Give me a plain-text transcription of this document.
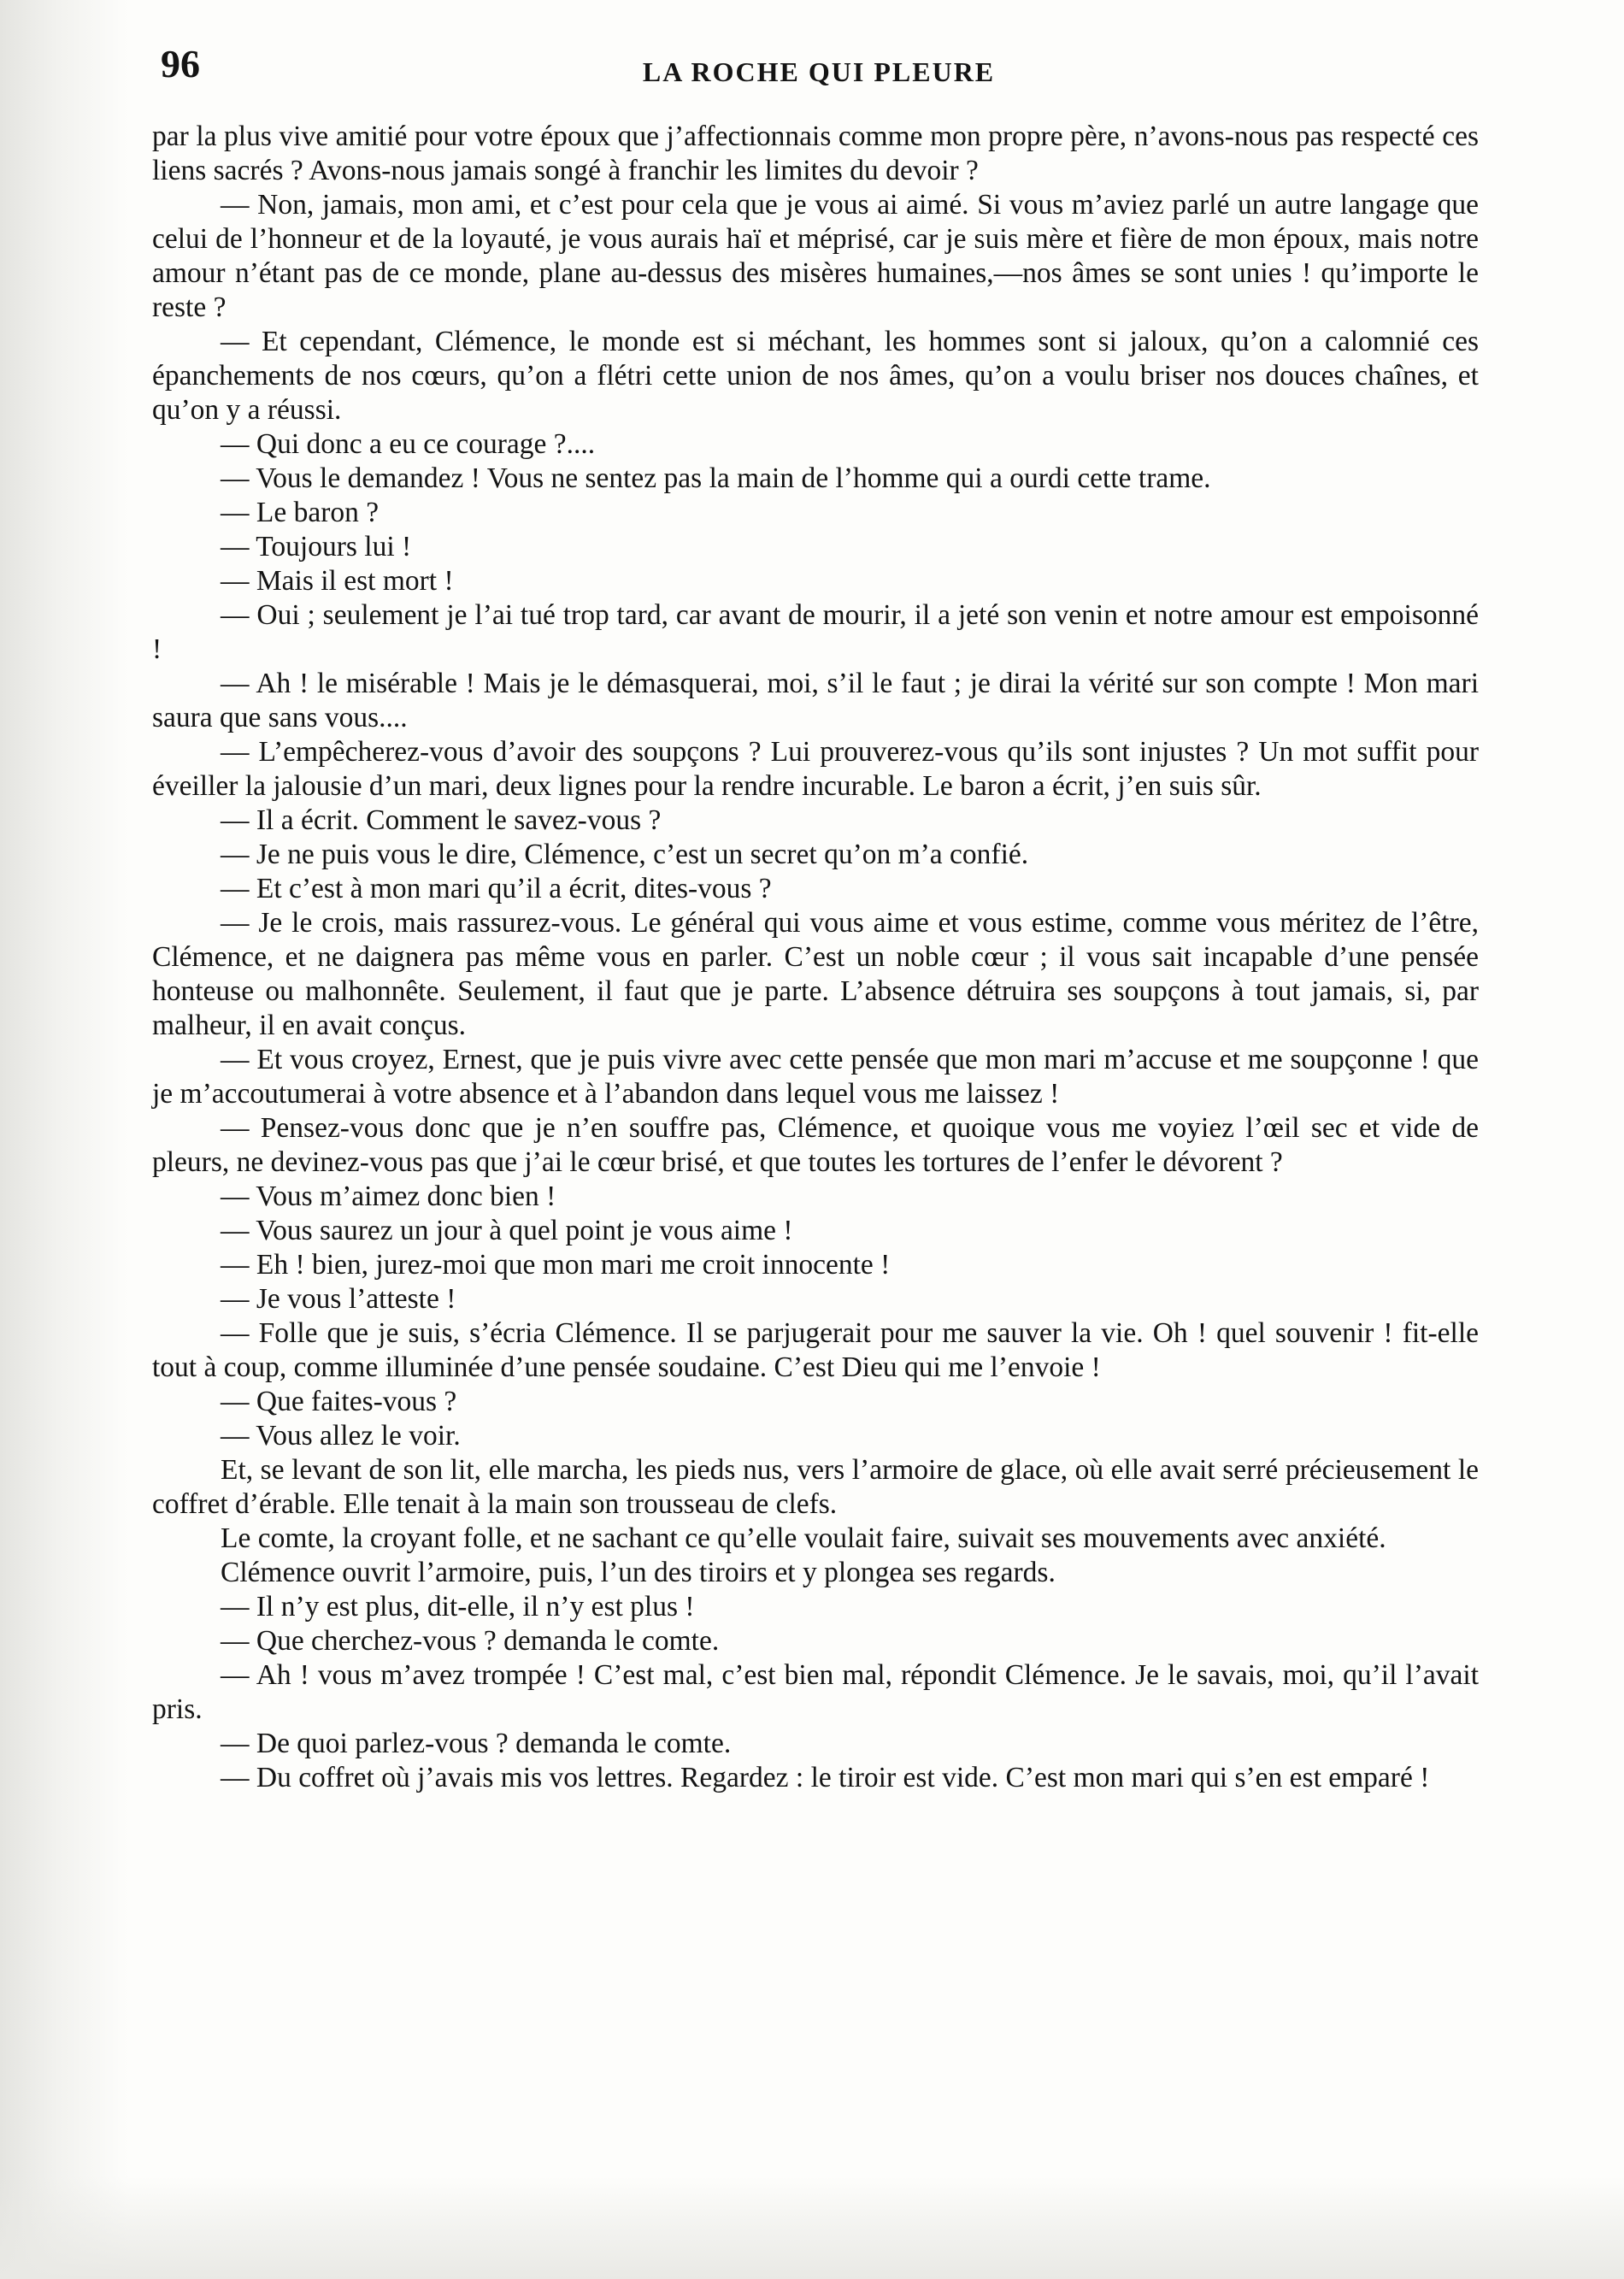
96	LA ROCHE QUI PLEURE

par la plus vive amitié pour votre époux que j’affectionnais comme mon propre père, n’avons-nous pas respecté ces liens sacrés ? Avons-nous jamais songé à franchir les limites du devoir ?

— Non, jamais, mon ami, et c’est pour cela que je vous ai aimé. Si vous m’aviez parlé un autre langage que celui de l’honneur et de la loyauté, je vous aurais haï et méprisé, car je suis mère et fière de mon époux, mais notre amour n’étant pas de ce monde, plane au-dessus des misères humaines,—nos âmes se sont unies ! qu’importe le reste ?

— Et cependant, Clémence, le monde est si méchant, les hommes sont si jaloux, qu’on a calomnié ces épanchements de nos cœurs, qu’on a flétri cette union de nos âmes, qu’on a voulu briser nos douces chaînes, et qu’on y a réussi.

— Qui donc a eu ce courage ?....

— Vous le demandez ! Vous ne sentez pas la main de l’homme qui a ourdi cette trame.

— Le baron ?

— Toujours lui !

— Mais il est mort !

— Oui ; seulement je l’ai tué trop tard, car avant de mourir, il a jeté son venin et notre amour est empoisonné !

— Ah ! le misérable ! Mais je le démasquerai, moi, s’il le faut ; je dirai la vérité sur son compte ! Mon mari saura que sans vous....

— L’empêcherez-vous d’avoir des soupçons ? Lui prouverez-vous qu’ils sont injustes ? Un mot suffit pour éveiller la jalousie d’un mari, deux lignes pour la rendre incurable. Le baron a écrit, j’en suis sûr.

— Il a écrit. Comment le savez-vous ?

— Je ne puis vous le dire, Clémence, c’est un secret qu’on m’a confié.

— Et c’est à mon mari qu’il a écrit, dites-vous ?

— Je le crois, mais rassurez-vous. Le général qui vous aime et vous estime, comme vous méritez de l’être, Clémence, et ne daignera pas même vous en parler. C’est un noble cœur ; il vous sait incapable d’une pensée honteuse ou malhonnête. Seulement, il faut que je parte. L’absence détruira ses soupçons à tout jamais, si, par malheur, il en avait conçus.

— Et vous croyez, Ernest, que je puis vivre avec cette pensée que mon mari m’accuse et me soupçonne ! que je m’accoutumerai à votre absence et à l’abandon dans lequel vous me laissez !

— Pensez-vous donc que je n’en souffre pas, Clémence, et quoique vous me voyiez l’œil sec et vide de pleurs, ne devinez-vous pas que j’ai le cœur brisé, et que toutes les tortures de l’enfer le dévorent ?

— Vous m’aimez donc bien !

— Vous saurez un jour à quel point je vous aime !

— Eh ! bien, jurez-moi que mon mari me croit innocente !

— Je vous l’atteste !

— Folle que je suis, s’écria Clémence. Il se parjugerait pour me sauver la vie. Oh ! quel souvenir ! fit-elle tout à coup, comme illuminée d’une pensée soudaine. C’est Dieu qui me l’envoie !

— Que faites-vous ?

— Vous allez le voir.

Et, se levant de son lit, elle marcha, les pieds nus, vers l’armoire de glace, où elle avait serré précieusement le coffret d’érable. Elle tenait à la main son trousseau de clefs.

Le comte, la croyant folle, et ne sachant ce qu’elle voulait faire, suivait ses mouvements avec anxiété.

Clémence ouvrit l’armoire, puis, l’un des tiroirs et y plongea ses regards.

— Il n’y est plus, dit-elle, il n’y est plus !

— Que cherchez-vous ? demanda le comte.

— Ah ! vous m’avez trompée ! C’est mal, c’est bien mal, répondit Clémence. Je le savais, moi, qu’il l’avait pris.

— De quoi parlez-vous ? demanda le comte.

— Du coffret où j’avais mis vos lettres. Regardez : le tiroir est vide. C’est mon mari qui s’en est emparé !
